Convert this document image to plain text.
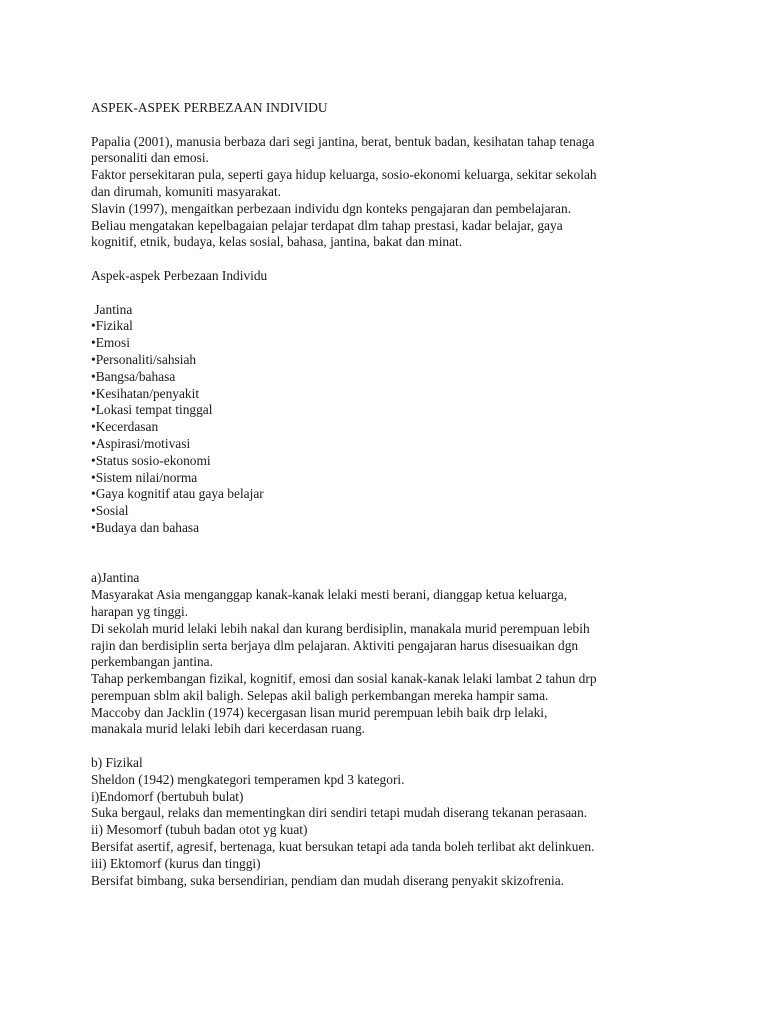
ASPEK-ASPEK PERBEZAAN INDIVIDU
Papalia (2001), manusia berbaza dari segi jantina, berat, bentuk badan, kesihatan tahap tenaga
personaliti dan emosi.
Faktor persekitaran pula, seperti gaya hidup keluarga, sosio-ekonomi keluarga, sekitar sekolah
dan dirumah, komuniti masyarakat.
Slavin (1997), mengaitkan perbezaan individu dgn konteks pengajaran dan pembelajaran.
Beliau mengatakan kepelbagaian pelajar terdapat dlm tahap prestasi, kadar belajar, gaya
kognitif, etnik, budaya, kelas sosial, bahasa, jantina, bakat dan minat.
Aspek-aspek Perbezaan Individu
Jantina
•Fizikal
•Emosi
•Personaliti/sahsiah
•Bangsa/bahasa
•Kesihatan/penyakit
•Lokasi tempat tinggal
•Kecerdasan
•Aspirasi/motivasi
•Status sosio-ekonomi
•Sistem nilai/norma
•Gaya kognitif atau gaya belajar
•Sosial
•Budaya dan bahasa
a)Jantina
Masyarakat Asia menganggap kanak-kanak lelaki mesti berani, dianggap ketua keluarga,
harapan yg tinggi.
Di sekolah murid lelaki lebih nakal dan kurang berdisiplin, manakala murid perempuan lebih
rajin dan berdisiplin serta berjaya dlm pelajaran. Aktiviti pengajaran harus disesuaikan dgn
perkembangan jantina.
Tahap perkembangan fizikal, kognitif, emosi dan sosial kanak-kanak lelaki lambat 2 tahun drp
perempuan sblm akil baligh. Selepas akil baligh perkembangan mereka hampir sama.
Maccoby dan Jacklin (1974) kecergasan lisan murid perempuan lebih baik drp lelaki,
manakala murid lelaki lebih dari kecerdasan ruang.
b) Fizikal
Sheldon (1942) mengkategori temperamen kpd 3 kategori.
i)Endomorf (bertubuh bulat)
Suka bergaul, relaks dan mementingkan diri sendiri tetapi mudah diserang tekanan perasaan.
ii) Mesomorf (tubuh badan otot yg kuat)
Bersifat asertif, agresif, bertenaga, kuat bersukan tetapi ada tanda boleh terlibat akt delinkuen.
iii) Ektomorf (kurus dan tinggi)
Bersifat bimbang, suka bersendirian, pendiam dan mudah diserang penyakit skizofrenia.
